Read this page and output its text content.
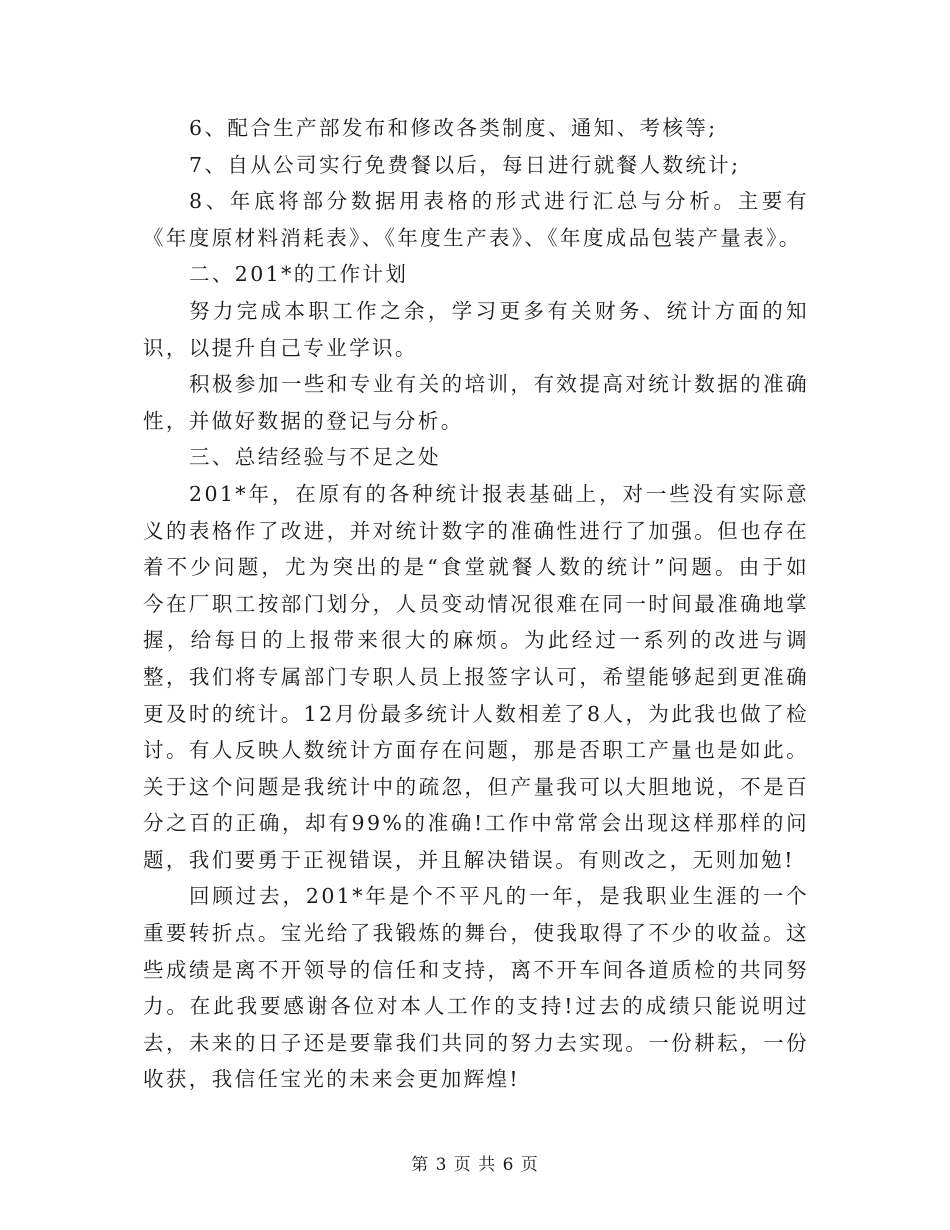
6、配合生产部发布和修改各类制度、通知、考核等;

7、自从公司实行免费餐以后，每日进行就餐人数统计;

8、年底将部分数据用表格的形式进行汇总与分析。主要有《年度原材料消耗表》、《年度生产表》、《年度成品包装产量表》。

二、201*的工作计划

努力完成本职工作之余，学习更多有关财务、统计方面的知识，以提升自己专业学识。

积极参加一些和专业有关的培训，有效提高对统计数据的准确性，并做好数据的登记与分析。

三、总结经验与不足之处

201*年，在原有的各种统计报表基础上，对一些没有实际意义的表格作了改进，并对统计数字的准确性进行了加强。但也存在着不少问题，尤为突出的是“食堂就餐人数的统计”问题。由于如今在厂职工按部门划分，人员变动情况很难在同一时间最准确地掌握，给每日的上报带来很大的麻烦。为此经过一系列的改进与调整，我们将专属部门专职人员上报签字认可，希望能够起到更准确更及时的统计。12月份最多统计人数相差了8人，为此我也做了检讨。有人反映人数统计方面存在问题，那是否职工产量也是如此。关于这个问题是我统计中的疏忽，但产量我可以大胆地说，不是百分之百的正确，却有99%的准确!工作中常常会出现这样那样的问题，我们要勇于正视错误，并且解决错误。有则改之，无则加勉!

回顾过去，201*年是个不平凡的一年，是我职业生涯的一个重要转折点。宝光给了我锻炼的舞台，使我取得了不少的收益。这些成绩是离不开领导的信任和支持，离不开车间各道质检的共同努力。在此我要感谢各位对本人工作的支持!过去的成绩只能说明过去，未来的日子还是要靠我们共同的努力去实现。一份耕耘，一份收获，我信任宝光的未来会更加辉煌!

第 3 页 共 6 页
